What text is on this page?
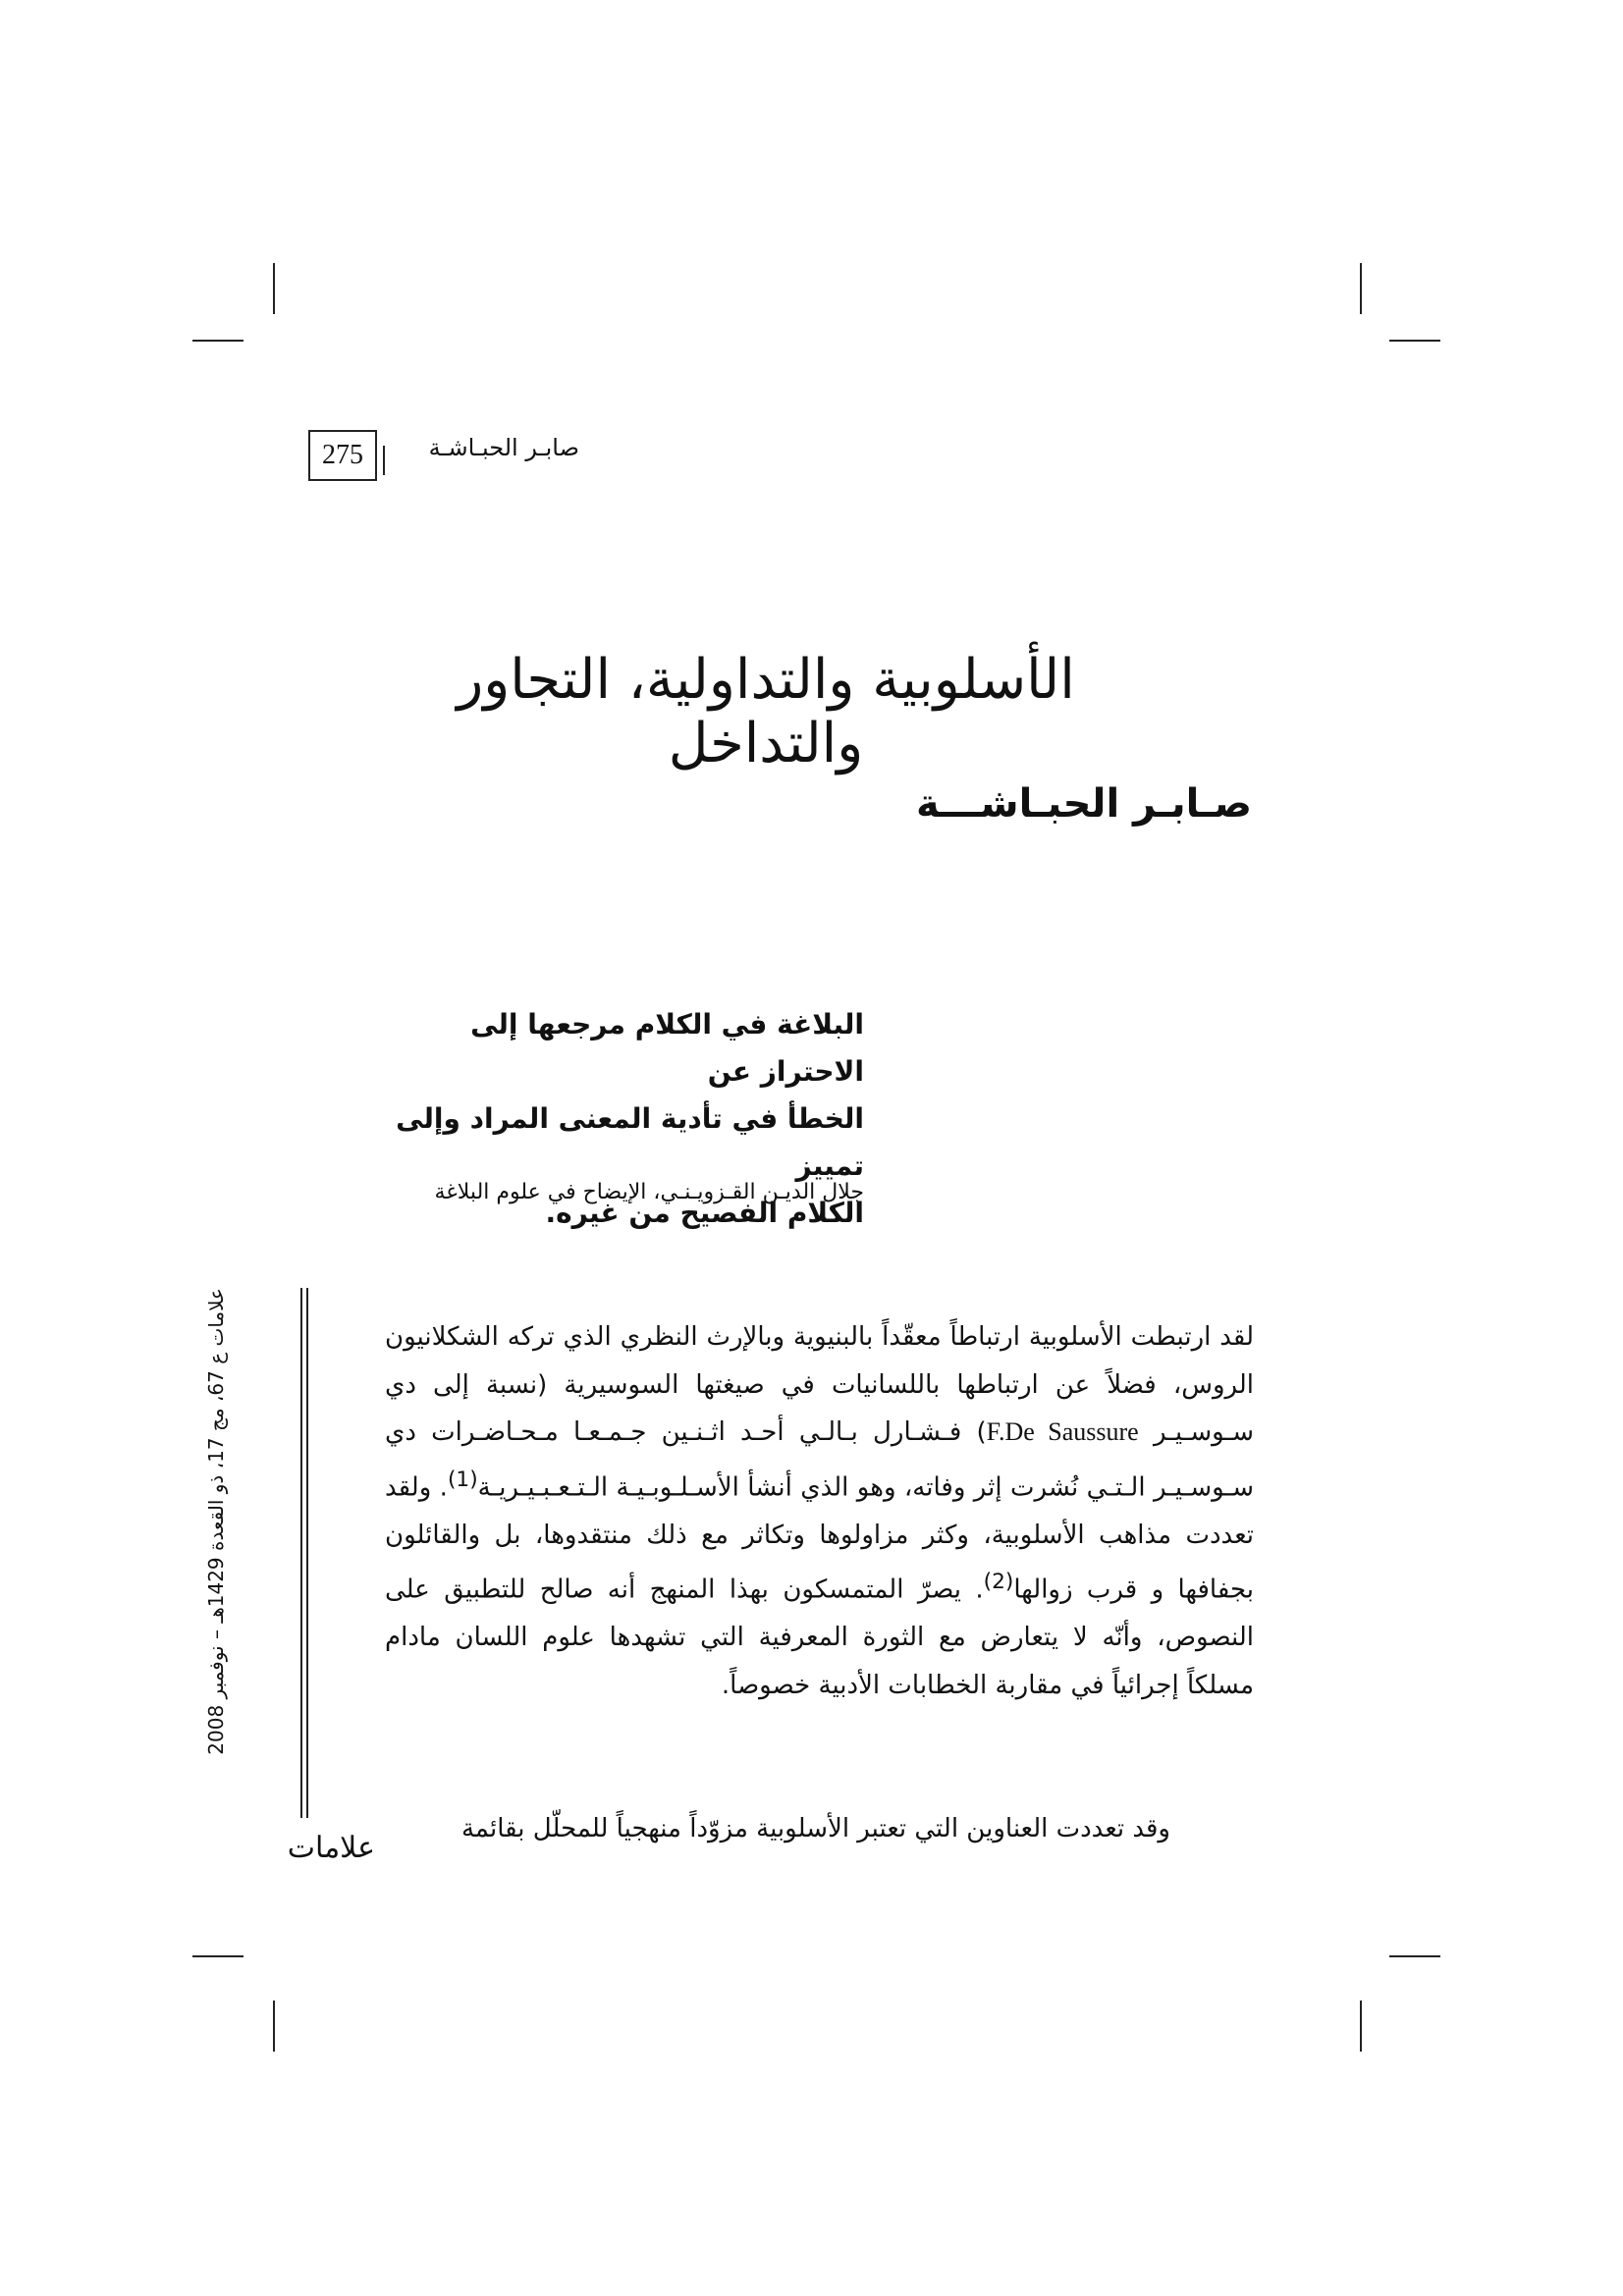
275	صابـر الحبـاشـة
الأسلوبية والتداولية، التجاور والتداخل
صـابـر الحبـاشـــة
البلاغة في الكلام مرجعها إلى الاحتراز عن
الخطأ في تأدية المعنى المراد وإلى تمييز
الكلام الفصيح من غيره.
جلال الديـن القـزويـنـي، الإيضاح في علوم البلاغة
لقد ارتبطت الأسلوبية ارتباطاً معقّداً بالبنيوية وبالإرث النظري الذي تركه الشكلانيون الروس، فضلاً عن ارتباطها باللسانيات في صيغتها السوسيرية (نسبة إلى دي سـوسـيـر F.De Saussure) فـشـارل بـالـي أحـد اثـنـين جـمـعـا مـحـاضـرات دي سـوسـيـر الـتـي نُشرت إثر وفاته، وهو الذي أنشأ الأسـلـوبـيـة الـتـعـبـيـريـة$^{(1)}$. ولقد تعددت مذاهب الأسلوبية، وكثر مزاولوها وتكاثر مع ذلك منتقدوها، بل والقائلون بجفافها و قرب زوالها$^{(2)}$. يصرّ المتمسكون بهذا المنهج أنه صالح للتطبيق على النصوص، وأنّه لا يتعارض مع الثورة المعرفية التي تشهدها علوم اللسان مادام مسلكاً إجرائياً في مقاربة الخطابات الأدبية خصوصاً.
وقد تعددت العناوين التي تعتبر الأسلوبية مزوّداً منهجياً للمحلّل بقائمة
علامات ع 67، مج 17، ذو القعدة 1429هـ – نوفمبر 2008
علامات
